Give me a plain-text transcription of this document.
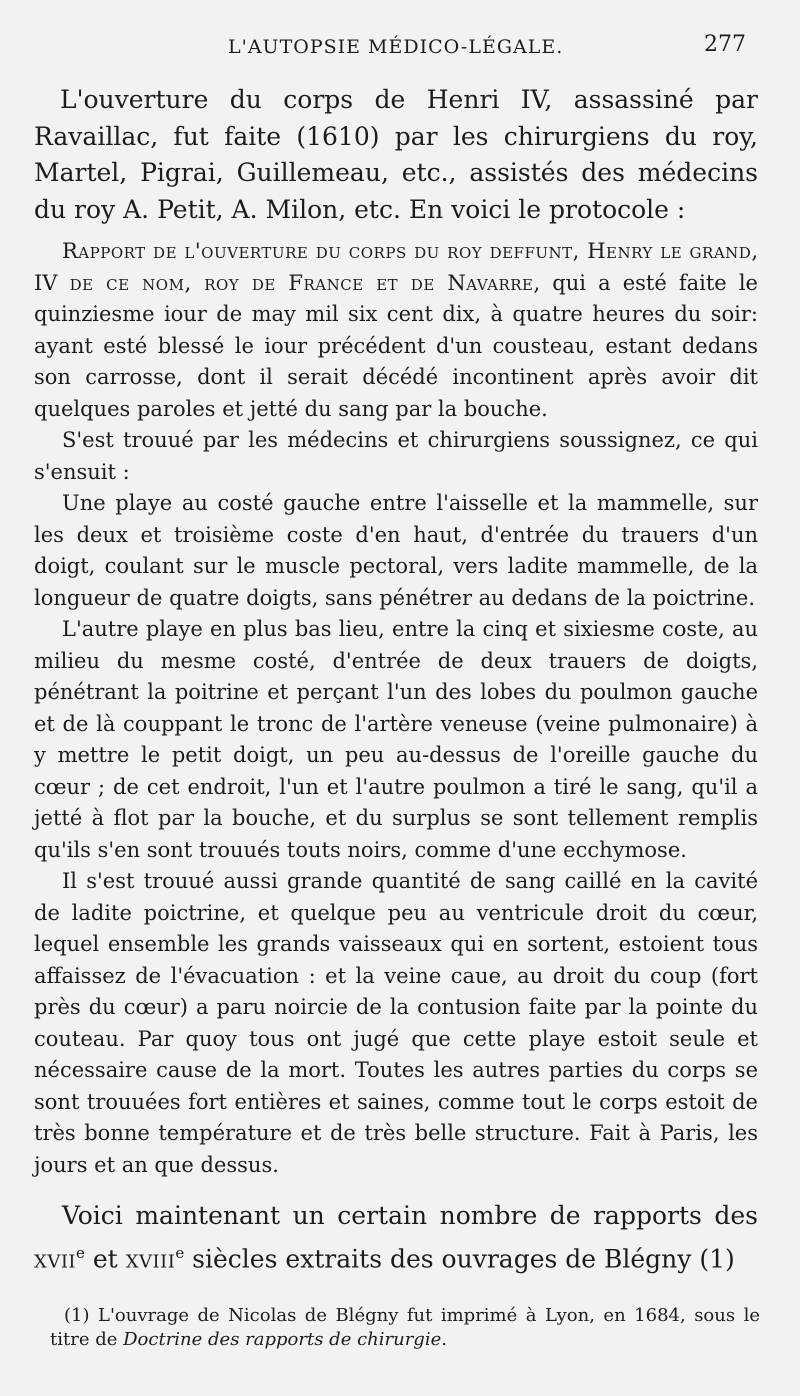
L'AUTOPSIE MÉDICO-LÉGALE.	277

L'ouverture du corps de Henri IV, assassiné par Ravaillac, fut faite (1610) par les chirurgiens du roy, Martel, Pigrai, Guillemeau, etc., assistés des médecins du roy A. Petit, A. Milon, etc. En voici le protocole :

Rapport de l'ouverture du corps du roy deffunt, Henry le grand, IV de ce nom, roy de France et de Navarre, qui a esté faite le quinziesme iour de may mil six cent dix, à quatre heures du soir: ayant esté blessé le iour précédent d'un cousteau, estant dedans son carrosse, dont il serait décédé incontinent après avoir dit quelques paroles et jetté du sang par la bouche.

S'est trouué par les médecins et chirurgiens soussignez, ce qui s'ensuit :

Une playe au costé gauche entre l'aisselle et la mammelle, sur les deux et troisième coste d'en haut, d'entrée du trauers d'un doigt, coulant sur le muscle pectoral, vers ladite mammelle, de la longueur de quatre doigts, sans pénétrer au dedans de la poictrine.

L'autre playe en plus bas lieu, entre la cinq et sixiesme coste, au milieu du mesme costé, d'entrée de deux trauers de doigts, pénétrant la poitrine et perçant l'un des lobes du poulmon gauche et de là couppant le tronc de l'artère veneuse (veine pulmonaire) à y mettre le petit doigt, un peu au-dessus de l'oreille gauche du cœur ; de cet endroit, l'un et l'autre poulmon a tiré le sang, qu'il a jetté à flot par la bouche, et du surplus se sont tellement remplis qu'ils s'en sont trouués touts noirs, comme d'une ecchymose.

Il s'est trouué aussi grande quantité de sang caillé en la cavité de ladite poictrine, et quelque peu au ventricule droit du cœur, lequel ensemble les grands vaisseaux qui en sortent, estoient tous affaissez de l'évacuation : et la veine caue, au droit du coup (fort près du cœur) a paru noircie de la contusion faite par la pointe du couteau. Par quoy tous ont jugé que cette playe estoit seule et nécessaire cause de la mort. Toutes les autres parties du corps se sont trouuées fort entières et saines, comme tout le corps estoit de très bonne température et de très belle structure. Fait à Paris, les jours et an que dessus.

Voici maintenant un certain nombre de rapports des xvii$^e$ et xviii$^e$ siècles extraits des ouvrages de Blégny (1)

(1) L'ouvrage de Nicolas de Blégny fut imprimé à Lyon, en 1684, sous le titre de Doctrine des rapports de chirurgie.
